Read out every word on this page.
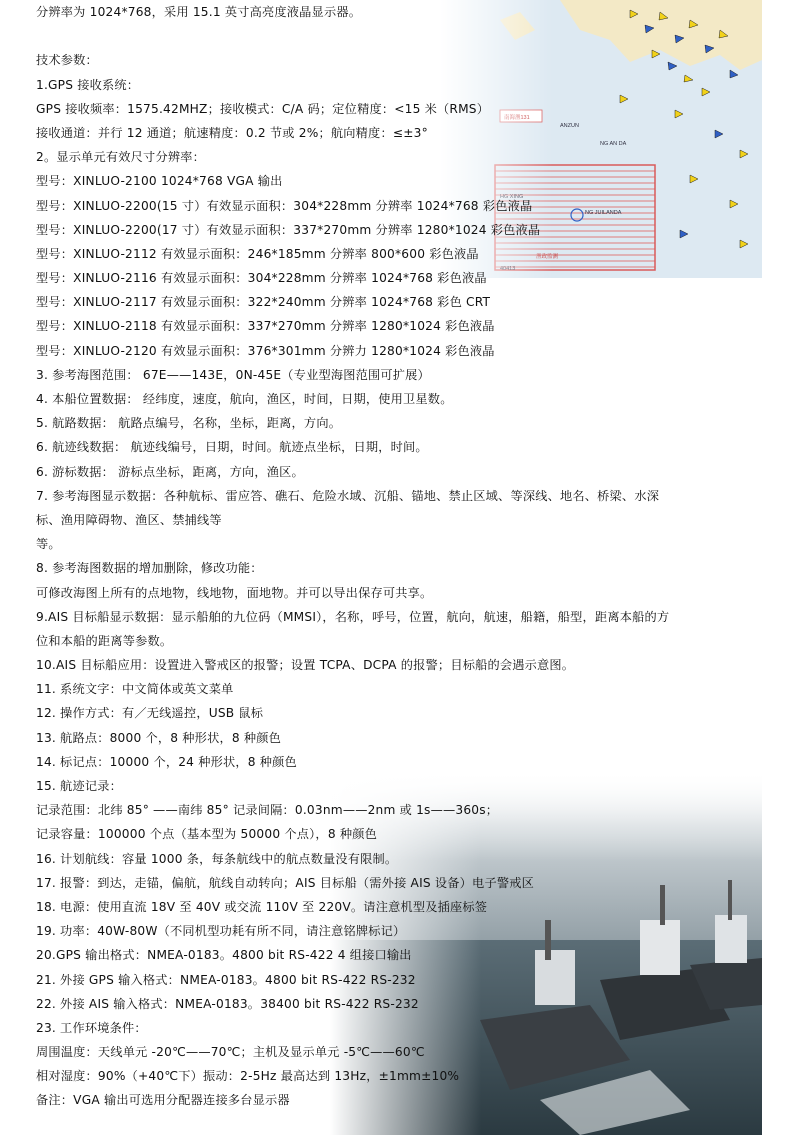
分辨率为 1024*768，采用 15.1 英寸高亮度液晶显示器。
技术参数：
1.GPS 接收系统：
GPS 接收频率：1575.42MHZ；接收模式：C/A 码；定位精度：<15 米（RMS）
接收通道：并行 12 通道；航速精度：0.2 节或 2%；航向精度：≤±3°
2。显示单元有效尺寸分辨率：
型号：XINLUO-2100 1024*768 VGA 输出
型号：XINLUO-2200(15 寸）有效显示面积：304*228mm 分辨率 1024*768 彩色液晶
型号：XINLUO-2200(17 寸）有效显示面积：337*270mm 分辨率 1280*1024 彩色液晶
型号：XINLUO-2112 有效显示面积：246*185mm 分辨率 800*600 彩色液晶
型号：XINLUO-2116 有效显示面积：304*228mm 分辨率 1024*768 彩色液晶
型号：XINLUO-2117 有效显示面积：322*240mm 分辨率 1024*768 彩色 CRT
型号：XINLUO-2118 有效显示面积：337*270mm 分辨率 1280*1024 彩色液晶
型号：XINLUO-2120 有效显示面积：376*301mm 分辨力 1280*1024 彩色液晶
3. 参考海图范围： 67E——143E，0N-45E（专业型海图范围可扩展）
4. 本船位置数据： 经纬度，速度，航向，渔区，时间，日期，使用卫星数。
5. 航路数据： 航路点编号，名称，坐标，距离，方向。
6. 航迹线数据： 航迹线编号，日期，时间。航迹点坐标，日期，时间。
6. 游标数据： 游标点坐标，距离，方向，渔区。
7. 参考海图显示数据：各种航标、雷应答、礁石、危险水域、沉船、锚地、禁止区域、等深线、地名、桥梁、水深
标、渔用障碍物、渔区、禁捕线等
等。
8. 参考海图数据的增加删除，修改功能：
可修改海图上所有的点地物，线地物，面地物。并可以导出保存可共享。
9.AIS 目标船显示数据：显示船舶的九位码（MMSI），名称，呼号，位置，航向，航速，船籍，船型，距离本船的方
位和本船的距离等参数。
10.AIS 目标船应用：设置进入警戒区的报警；设置 TCPA、DCPA 的报警；目标船的会遇示意图。
11. 系统文字：中文简体或英文菜单
12. 操作方式：有／无线遥控，USB 鼠标
13. 航路点：8000 个，8 种形状，8 种颜色
14. 标记点：10000 个，24 种形状，8 种颜色
15. 航迹记录：
记录范围：北纬 85° ——南纬 85° 记录间隔：0.03nm——2nm 或 1s——360s；
记录容量：100000 个点（基本型为 50000 个点），8 种颜色
16. 计划航线：容量 1000 条，每条航线中的航点数量没有限制。
17. 报警：到达，走锚，偏航，航线自动转向；AIS 目标船（需外接 AIS 设备）电子警戒区
18. 电源：使用直流 18V 至 40V 或交流 110V 至 220V。请注意机型及插座标签
19. 功率：40W-80W（不同机型功耗有所不同，请注意铭牌标记）
20.GPS 输出格式：NMEA-0183。4800 bit RS-422 4 组接口输出
21. 外接 GPS 输入格式：NMEA-0183。4800 bit RS-422 RS-232
22. 外接 AIS 输入格式：NMEA-0183。38400 bit RS-422 RS-232
23. 工作环境条件：
周围温度：天线单元 -20℃——70℃；主机及显示单元 -5℃——60℃
相对湿度：90%（+40℃下）振动：2-5Hz 最高达到 13Hz，±1mm±10%
备注：VGA 输出可选用分配器连接多台显示器
